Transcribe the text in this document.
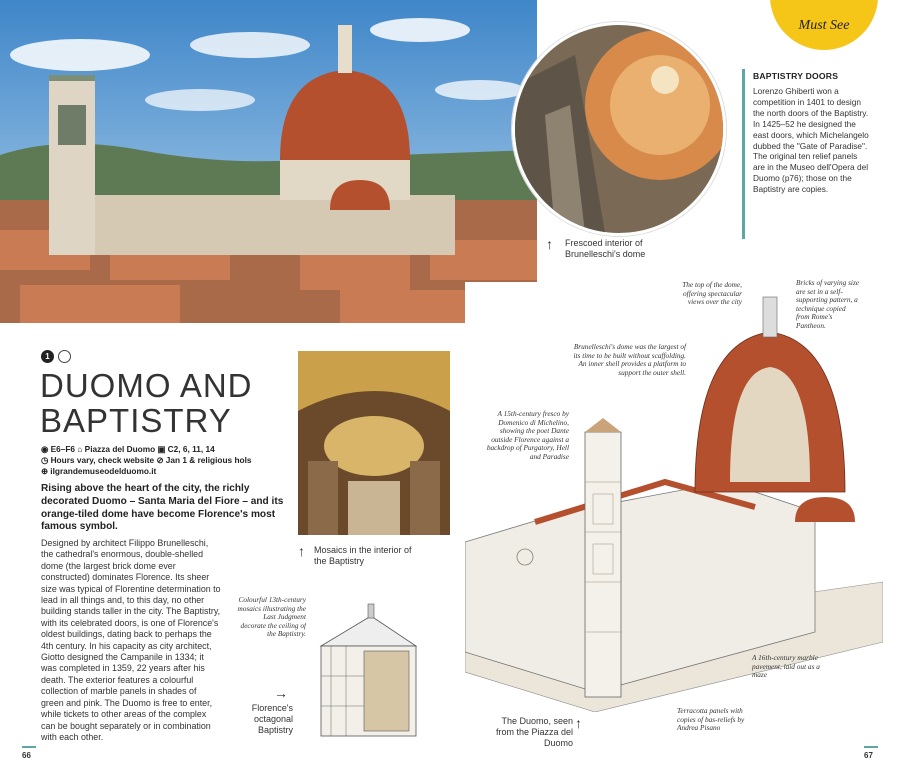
Must See
BAPTISTRY DOORS
Lorenzo Ghiberti won a competition in 1401 to design the north doors of the Baptistry. In 1425–52 he designed the east doors, which Michelangelo dubbed the "Gate of Paradise". The original ten relief panels are in the Museo dell'Opera del Duomo (p76); those on the Baptistry are copies.
↑ Frescoed interior of Brunelleschi's dome
1
DUOMO AND
BAPTISTRY
◉ E6–F6 ⌂ Piazza del Duomo ▣ C2, 6, 11, 14
◷ Hours vary, check website ⊘ Jan 1 & religious hols
⊕ ilgrandemuseodelduomo.it
Rising above the heart of the city, the richly decorated Duomo – Santa Maria del Fiore – and its orange-tiled dome have become Florence's most famous symbol.
Designed by architect Filippo Brunelleschi, the cathedral's enormous, double-shelled dome (the largest brick dome ever constructed) dominates Florence. Its sheer size was typical of Florentine determination to lead in all things and, to this day, no other building stands taller in the city. The Baptistry, with its celebrated doors, is one of Florence's oldest buildings, dating back to perhaps the 4th century. In his capacity as city architect, Giotto designed the Campanile in 1334; it was completed in 1359, 22 years after his death. The exterior features a colourful collection of marble panels in shades of green and pink. The Duomo is free to enter, while tickets to other areas of the complex can be bought separately or in combination with each other.
↑ Mosaics in the interior of the Baptistry
Colourful 13th-century mosaics illustrating the Last Judgment decorate the ceiling of the Baptistry.
→
Florence's octagonal Baptistry
The top of the dome, offering spectacular views over the city
Bricks of varying size are set in a self-supporting pattern, a technique copied from Rome's Pantheon.
Brunelleschi's dome was the largest of its time to be built without scaffolding. An inner shell provides a platform to support the outer shell.
A 15th-century fresco by Domenico di Michelino, showing the poet Dante outside Florence against a backdrop of Purgatory, Hell and Paradise
A 16th-century marble pavement, laid out as a maze
Terracotta panels with copies of bas-reliefs by Andrea Pisano
The Duomo, seen from the Piazza del Duomo
↑
66	67
